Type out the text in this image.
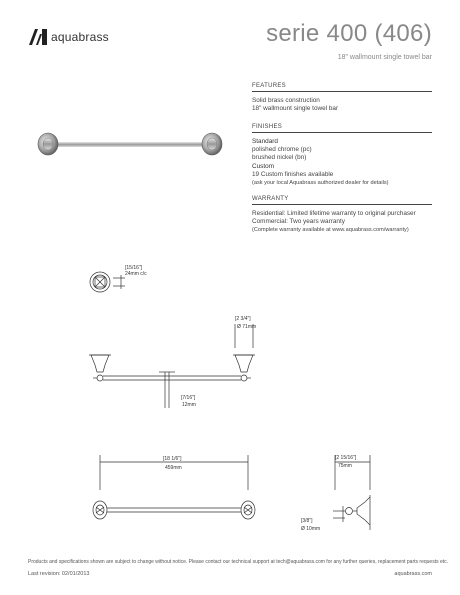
aquabrass	serie 400 (406)
18" wallmount single towel bar
FEATURES
Solid brass construction
18" wallmount single towel bar
FINISHES
Standard
polished chrome (pc)
brushed nickel (bn)
Custom
19 Custom finishes available
(ask your local Aquabrass authorized dealer for details)
WARRANTY
Residential: Limited lifetime warranty to original purchaser
Commercial: Two years warranty
(Complete warranty available at www.aquabrass.com/warranty)
[15/16"]
24mm c/c
[2 3/4"]
Ø 71mm
[7/16"]
12mm
[18 1/6"]
459mm
[2 15/16"]
75mm
[3/8"]
Ø 10mm
Products and specifications shown are subject to change without notice. Please contact our technical support at tech@aquabrass.com for any further queries, replacement parts requests etc.
Last revision: 02/01/2013	aquabrass.com
